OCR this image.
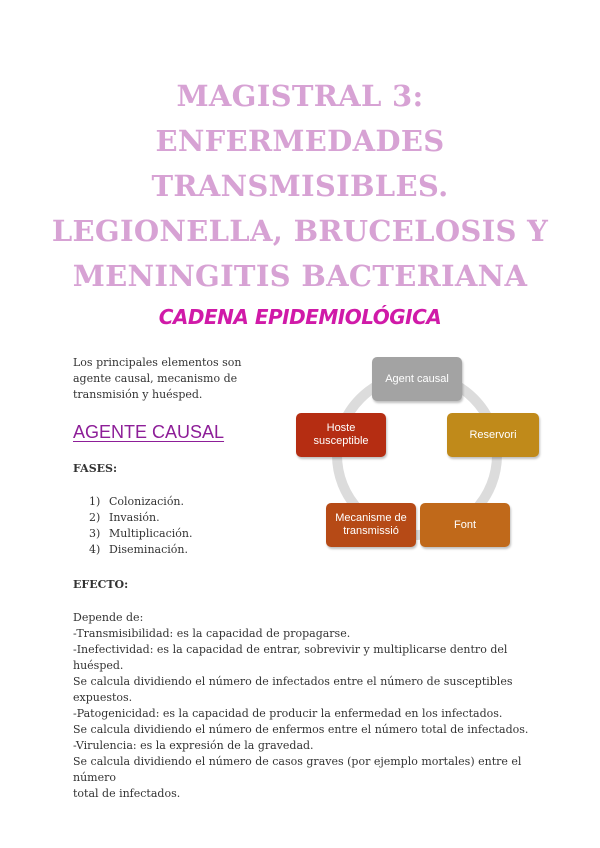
MAGISTRAL 3:
ENFERMEDADES
TRANSMISIBLES.
LEGIONELLA, BRUCELOSIS Y
MENINGITIS BACTERIANA
CADENA EPIDEMIOLÓGICA

Los principales elementos son agente causal, mecanismo de transmisión y huésped.

AGENTE CAUSAL
FASES:
1) Colonización.
2) Invasión.
3) Multiplicación.
4) Diseminación.
EFECTO:
Depende de:
-Transmisibilidad: es la capacidad de propagarse.
-Inefectividad: es la capacidad de entrar, sobrevivir y multiplicarse dentro del huésped.
Se calcula dividiendo el número de infectados entre el número de susceptibles
expuestos.
-Patogenicidad: es la capacidad de producir la enfermedad en los infectados.
Se calcula dividiendo el número de enfermos entre el número total de infectados.
-Virulencia: es la expresión de la gravedad.
Se calcula dividiendo el número de casos graves (por ejemplo mortales) entre el número
total de infectados.
Agent causal
Reservori
Font
Mecanisme de transmissió
Hoste susceptible
